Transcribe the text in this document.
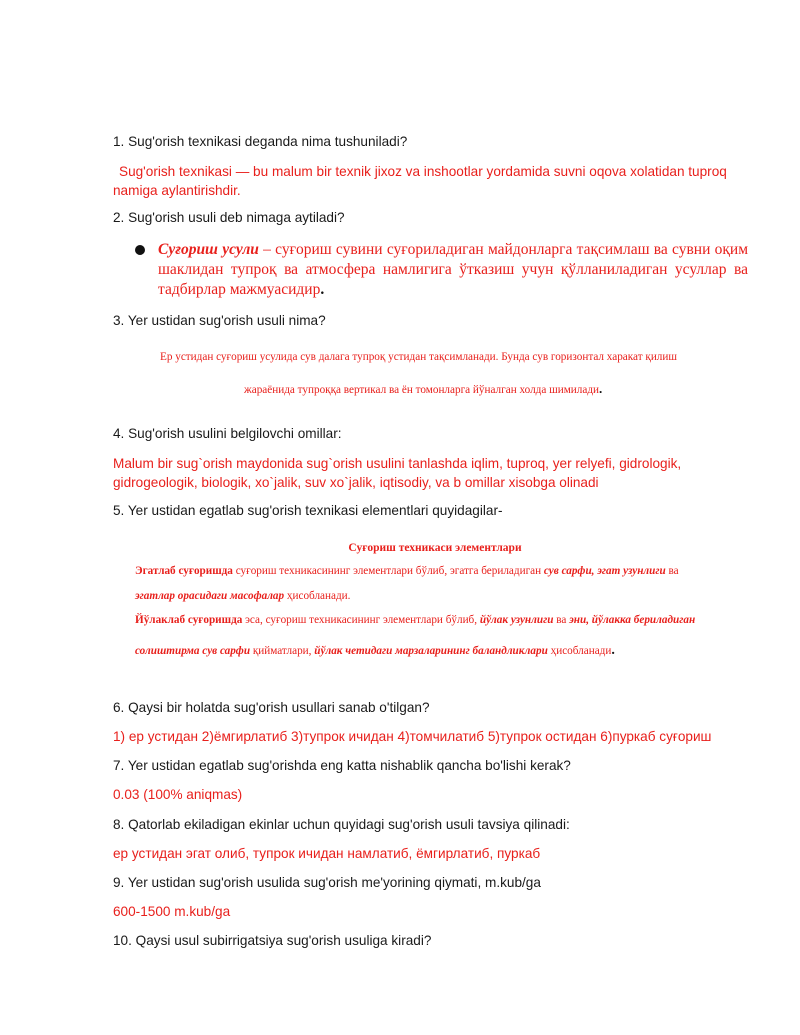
1. Sug'orish texnikasi deganda nima tushuniladi?
Sug'orish texnikasi — bu malum bir texnik jixoz va inshootlar yordamida suvni oqova xolatidan tuproq
namiga aylantirishdir.
2. Sug'orish usuli deb nimaga aytiladi?
Суғориш усули – суғориш сувини суғориладиган майдонларга тақсимлаш ва сувни оқим
шаклидан тупроқ ва атмосфера намлигига ўтказиш учун қўлланиладиган усуллар ва
тадбирлар мажмуасидир.
3. Yer ustidan sug'orish usuli nima?
Ер устидан суғориш усулида сув далага тупроқ устидан тақсимланади. Бунда сув горизонтал харакат қилиш
жараёнида тупроққа вертикал ва ён томонларга йўналган холда шимилади.
4. Sug'orish usulini belgilovchi omillar:
Malum bir sug`orish maydonida sug`orish usulini tanlashda iqlim, tuproq, yer relyefi, gidrologik,
gidrogeologik, biologik, xo`jalik, suv xo`jalik, iqtisodiy, va b omillar xisobga olinadi
5. Yer ustidan egatlab sug'orish texnikasi elementlari quyidagilar-
Суғориш техникаси элементлари
Эгатлаб суғоришда суғориш техникасининг элементлари бўлиб, эгатга бериладиган сув сарфи, эгат узунлиги ва
эгатлар орасидаги масофалар ҳисобланади.
Йўлаклаб суғоришда эса, суғориш техникасининг элементлари бўлиб, йўлак узунлиги ва эни, йўлакка бериладиган
солиштирма сув сарфи қийматлари, йўлак четидаги марзаларининг баландликлари ҳисобланади.
6. Qaysi bir holatda sug'orish usullari sanab o'tilgan?
1) ер устидан 2)ёмгирлатиб 3)тупрок ичидан 4)томчилатиб 5)тупрок остидан 6)пуркаб суғориш
7. Yer ustidan egatlab sug'orishda eng katta nishablik qancha bo'lishi kerak?
0.03 (100% aniqmas)
8. Qatorlab ekiladigan ekinlar uchun quyidagi sug'orish usuli tavsiya qilinadi:
ер устидан эгат олиб, тупрок ичидан намлатиб, ёмгирлатиб, пуркаб
9. Yer ustidan sug'orish usulida sug'orish me'yorining qiymati, m.kub/ga
600-1500 m.kub/ga
10. Qaysi usul subirrigatsiya sug'orish usuliga kiradi?
